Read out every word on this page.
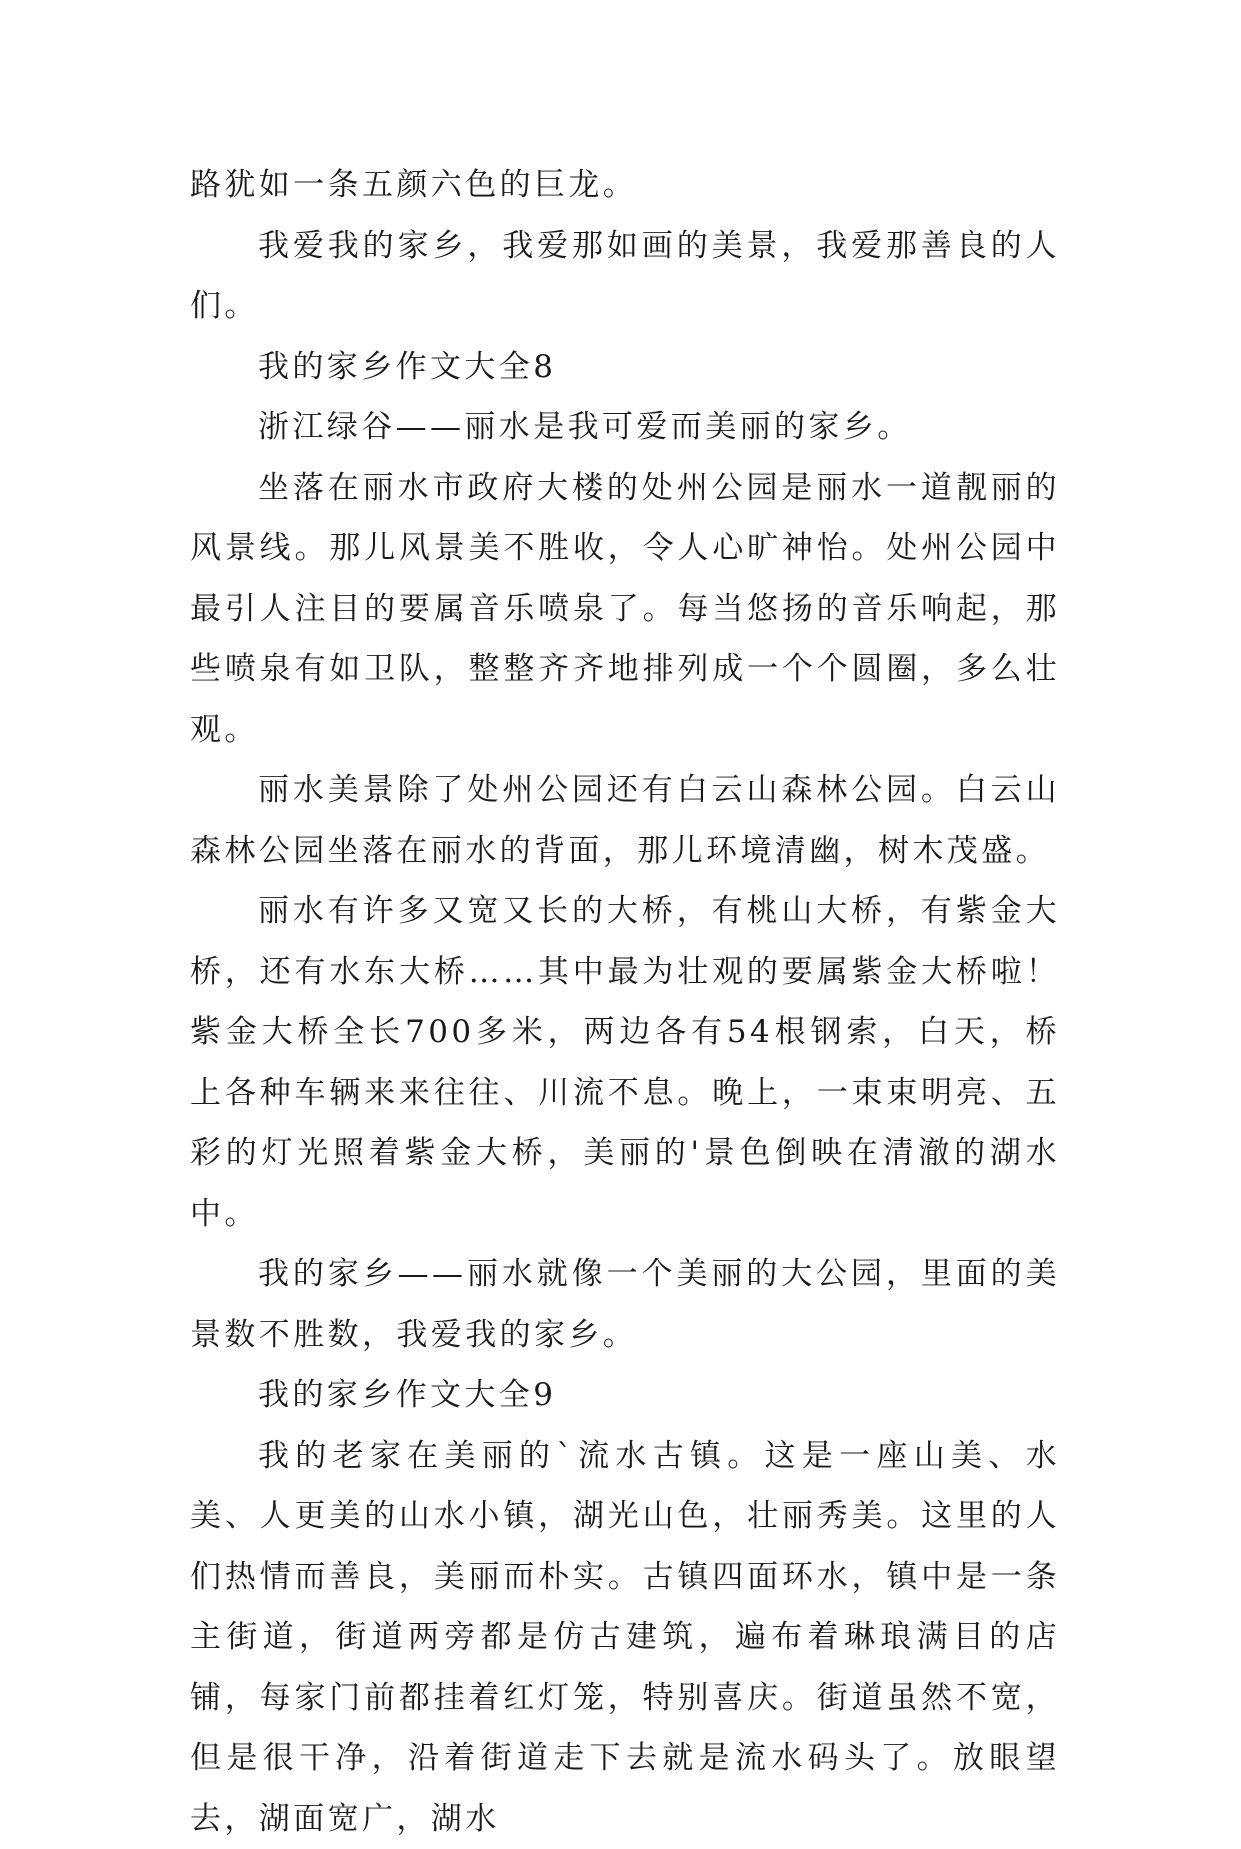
路犹如一条五颜六色的巨龙。

我爱我的家乡，我爱那如画的美景，我爱那善良的人们。

我的家乡作文大全8

浙江绿谷——丽水是我可爱而美丽的家乡。

坐落在丽水市政府大楼的处州公园是丽水一道靓丽的风景线。那儿风景美不胜收，令人心旷神怡。处州公园中最引人注目的要属音乐喷泉了。每当悠扬的音乐响起，那些喷泉有如卫队，整整齐齐地排列成一个个圆圈，多么壮观。

丽水美景除了处州公园还有白云山森林公园。白云山森林公园坐落在丽水的背面，那儿环境清幽，树木茂盛。

丽水有许多又宽又长的大桥，有桃山大桥，有紫金大桥，还有水东大桥……其中最为壮观的要属紫金大桥啦！紫金大桥全长700多米，两边各有54根钢索，白天，桥上各种车辆来来往往、川流不息。晚上，一束束明亮、五彩的灯光照着紫金大桥，美丽的'景色倒映在清澈的湖水中。

我的家乡——丽水就像一个美丽的大公园，里面的美景数不胜数，我爱我的家乡。

我的家乡作文大全9

我的老家在美丽的`流水古镇。这是一座山美、水美、人更美的山水小镇，湖光山色，壮丽秀美。这里的人们热情而善良，美丽而朴实。古镇四面环水，镇中是一条主街道，街道两旁都是仿古建筑，遍布着琳琅满目的店铺，每家门前都挂着红灯笼，特别喜庆。街道虽然不宽，但是很干净，沿着街道走下去就是流水码头了。放眼望去，湖面宽广，湖水
